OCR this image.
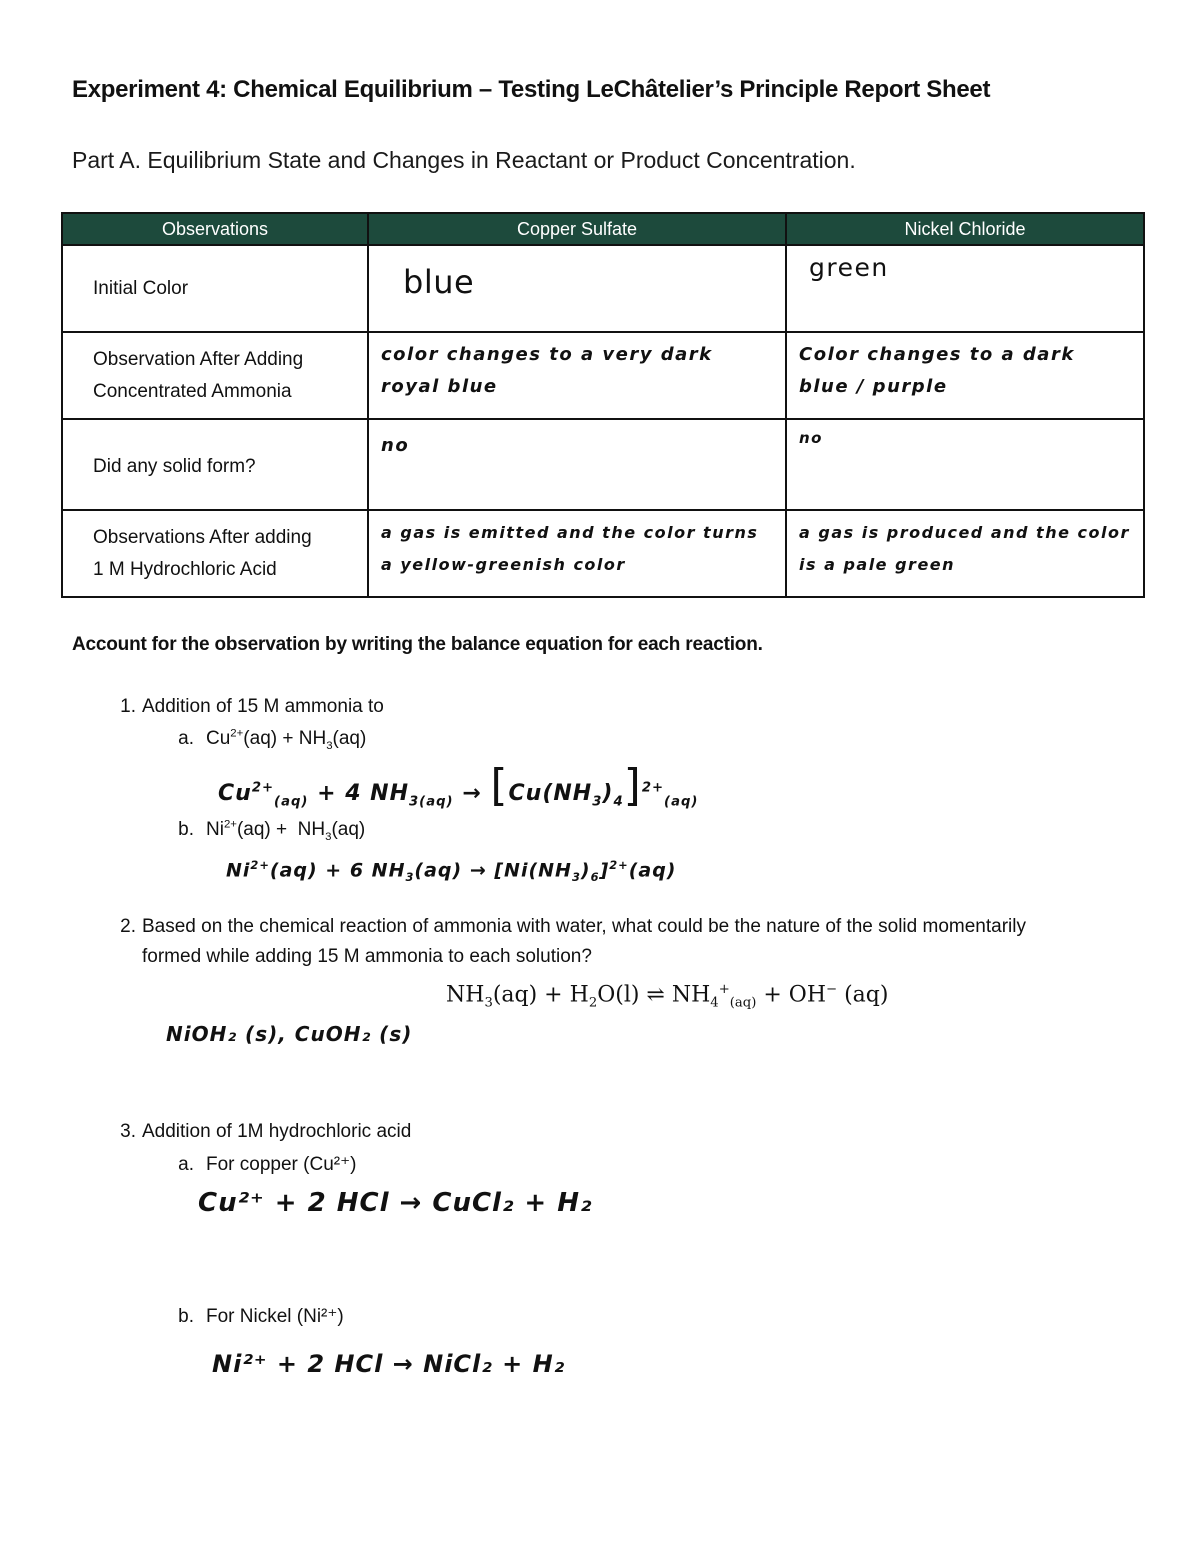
Experiment 4: Chemical Equilibrium – Testing LeChâtelier’s Principle Report Sheet
Part A. Equilibrium State and Changes in Reactant or Product Concentration.
Observations	Copper Sulfate	Nickel Chloride
Initial Color	blue	green

Observation After Adding
Concentrated Ammonia	color changes to a very dark royal blue	Color changes to a dark blue / purple

Did any solid form?	no	no

Observations After adding
1 M Hydrochloric Acid	a gas is emitted and the color turns a yellow-greenish color	a gas is produced and the color is a pale green
Account for the observation by writing the balance equation for each reaction.
1. Addition of 15 M ammonia to
a. $Cu^{2+}(aq) + NH_3(aq)$
$Cu^{2+}_{(aq)} + 4$ $NH_{3(aq)} \to [Cu(NH_3)_4]^{2+}_{(aq)}$
b. $Ni^{2+}(aq) + NH_3(aq)$
$Ni^{2+}(aq) + 6$ $NH_3(aq) \to [Ni(NH_3)_6]^{2+}(aq)$
2. Based on the chemical reaction of ammonia with water, what could be the nature of the solid momentarily
formed while adding 15 M ammonia to each solution?
$NH_3(aq) + H_2O(l)$ ⇌ $NH_4^+_{(aq)} + OH^-$ (aq)
NiOH₂ (s), CuOH₂ (s)
3. Addition of 1M hydrochloric acid
a. For copper (Cu²⁺)
Cu²⁺ + 2 HCl → CuCl₂ + H₂
b. For Nickel (Ni²⁺)
Ni²⁺ + 2 HCl → NiCl₂ + H₂
